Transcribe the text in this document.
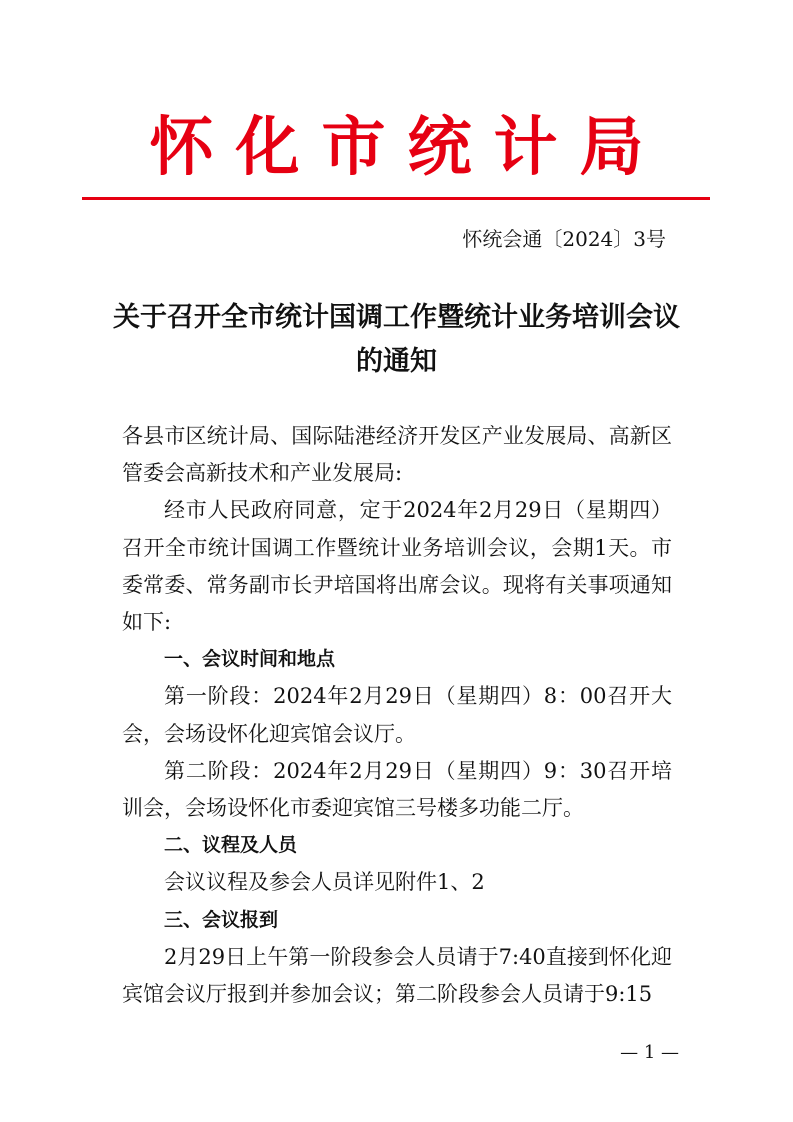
怀化市统计局
怀统会通〔2024〕3号
关于召开全市统计国调工作暨统计业务培训会议的通知

各县市区统计局、国际陆港经济开发区产业发展局、高新区管委会高新技术和产业发展局:

经市人民政府同意，定于2024年2月29日（星期四）召开全市统计国调工作暨统计业务培训会议，会期1天。市委常委、常务副市长尹培国将出席会议。现将有关事项通知如下:

一、会议时间和地点

第一阶段：2024年2月29日（星期四）8：00召开大会，会场设怀化迎宾馆会议厅。

第二阶段：2024年2月29日（星期四）9：30召开培训会，会场设怀化市委迎宾馆三号楼多功能二厅。

二、议程及人员

会议议程及参会人员详见附件1、2

三、会议报到

2月29日上午第一阶段参会人员请于7:40直接到怀化迎宾馆会议厅报到并参加会议；第二阶段参会人员请于9:15

— 1 —
